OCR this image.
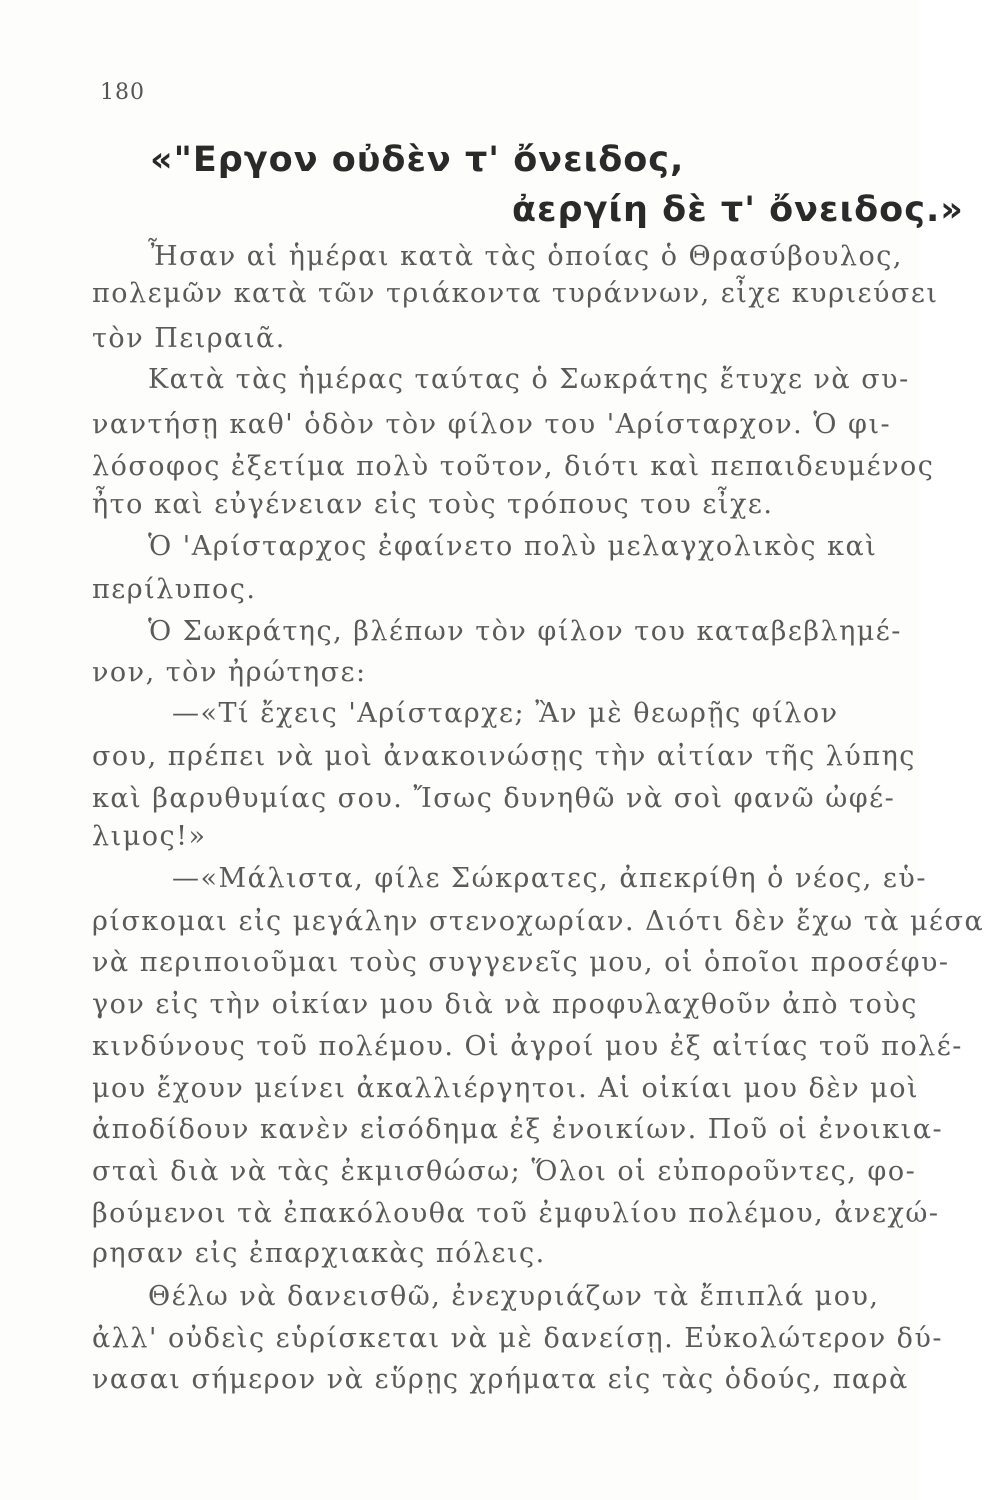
180
«"Εργον οὐδὲν τ' ὄνειδος,
ἀεργίη δὲ τ' ὄνειδος.»
Ἦσαν αἱ ἡμέραι κατὰ τὰς ὁποίας ὁ Θρασύβουλος,
πολεμῶν κατὰ τῶν τριάκοντα τυράννων, εἶχε κυριεύσει
τὸν Πειραιᾶ.
Κατὰ τὰς ἡμέρας ταύτας ὁ Σωκράτης ἔτυχε νὰ συ-
ναντήσῃ καθ' ὁδὸν τὸν φίλον του 'Αρίσταρχον. Ὁ φι-
λόσοφος ἐξετίμα πολὺ τοῦτον, διότι καὶ πεπαιδευμένος
ἦτο καὶ εὐγένειαν εἰς τοὺς τρόπους του εἶχε.
Ὁ 'Αρίσταρχος ἐφαίνετο πολὺ μελαγχολικὸς καὶ
περίλυπος.
Ὁ Σωκράτης, βλέπων τὸν φίλον του καταβεβλημέ-
νον, τὸν ἠρώτησε:
—«Τί ἔχεις 'Αρίσταρχε; Ἂν μὲ θεωρῇς φίλον
σου, πρέπει νὰ μοὶ ἀνακοινώσῃς τὴν αἰτίαν τῆς λύπης
καὶ βαρυθυμίας σου. Ἴσως δυνηθῶ νὰ σοὶ φανῶ ὠφέ-
λιμος!»
—«Μάλιστα, φίλε Σώκρατες, ἀπεκρίθη ὁ νέος, εὑ-
ρίσκομαι εἰς μεγάλην στενοχωρίαν. Διότι δὲν ἔχω τὰ μέσα
νὰ περιποιοῦμαι τοὺς συγγενεῖς μου, οἱ ὁποῖοι προσέφυ-
γον εἰς τὴν οἰκίαν μου διὰ νὰ προφυλαχθοῦν ἀπὸ τοὺς
κινδύνους τοῦ πολέμου. Οἱ ἀγροί μου ἐξ αἰτίας τοῦ πολέ-
μου ἔχουν μείνει ἀκαλλιέργητοι. Αἱ οἰκίαι μου δὲν μοὶ
ἀποδίδουν κανὲν εἰσόδημα ἐξ ἐνοικίων. Ποῦ οἱ ἐνοικια-
σταὶ διὰ νὰ τὰς ἐκμισθώσω; Ὅλοι οἱ εὐποροῦντες, φο-
βούμενοι τὰ ἐπακόλουθα τοῦ ἐμφυλίου πολέμου, ἀνεχώ-
ρησαν εἰς ἐπαρχιακὰς πόλεις.
Θέλω νὰ δανεισθῶ, ἐνεχυριάζων τὰ ἔπιπλά μου,
ἀλλ' οὐδεὶς εὑρίσκεται νὰ μὲ δανείσῃ. Εὐκολώτερον δύ-
νασαι σήμερον νὰ εὕρῃς χρήματα εἰς τὰς ὁδούς, παρὰ
